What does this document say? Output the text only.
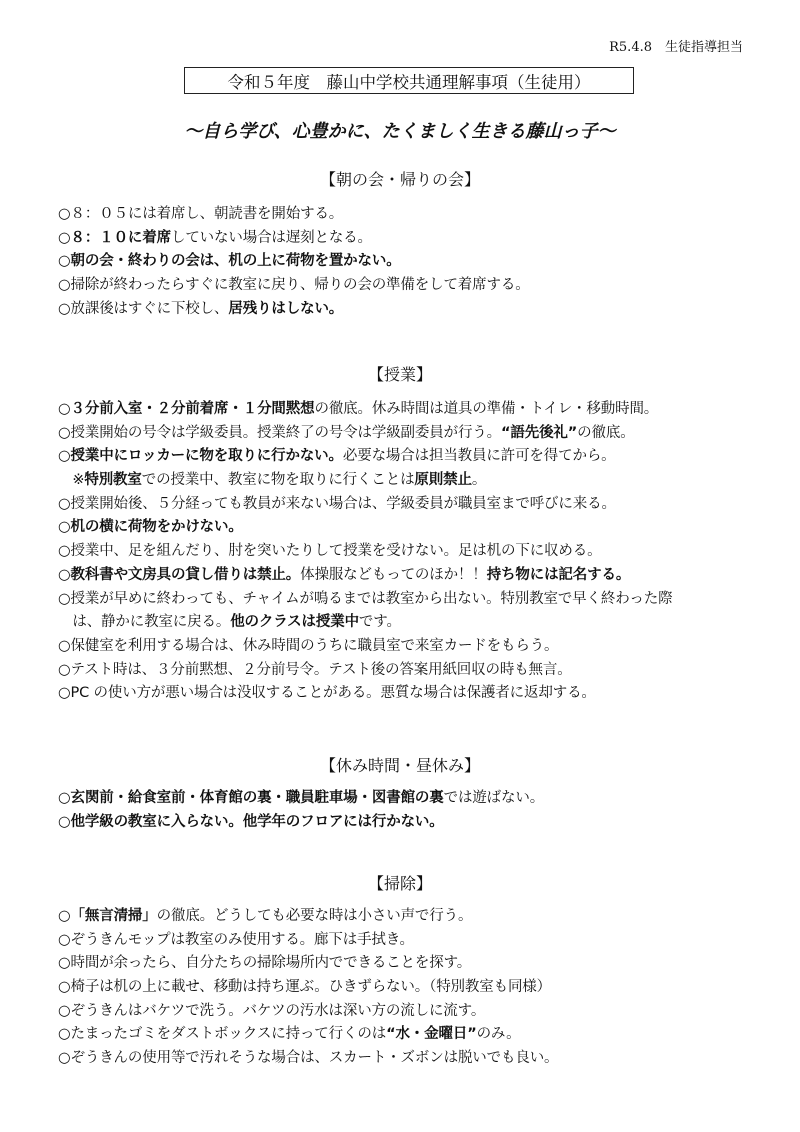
R5.4.8　生徒指導担当
令和５年度　藤山中学校共通理解事項（生徒用）
～自ら学び、心豊かに、たくましく生きる藤山っ子～
【朝の会・帰りの会】
○８：０５には着席し、朝読書を開始する。
○８：１０に着席していない場合は遅刻となる。
○朝の会・終わりの会は、机の上に荷物を置かない。
○掃除が終わったらすぐに教室に戻り、帰りの会の準備をして着席する。
○放課後はすぐに下校し、居残りはしない。
【授業】
○３分前入室・２分前着席・１分間黙想の徹底。休み時間は道具の準備・トイレ・移動時間。
○授業開始の号令は学級委員。授業終了の号令は学級副委員が行う。“語先後礼”の徹底。
○授業中にロッカーに物を取りに行かない。必要な場合は担当教員に許可を得てから。
　※特別教室での授業中、教室に物を取りに行くことは原則禁止。
○授業開始後、５分経っても教員が来ない場合は、学級委員が職員室まで呼びに来る。
○机の横に荷物をかけない。
○授業中、足を組んだり、肘を突いたりして授業を受けない。足は机の下に収める。
○教科書や文房具の貸し借りは禁止。体操服などもってのほか！！持ち物には記名する。
○授業が早めに終わっても、チャイムが鳴るまでは教室から出ない。特別教室で早く終わった際
　は、静かに教室に戻る。他のクラスは授業中です。
○保健室を利用する場合は、休み時間のうちに職員室で来室カードをもらう。
○テスト時は、３分前黙想、２分前号令。テスト後の答案用紙回収の時も無言。
○PC の使い方が悪い場合は没収することがある。悪質な場合は保護者に返却する。
【休み時間・昼休み】
○玄関前・給食室前・体育館の裏・職員駐車場・図書館の裏では遊ばない。
○他学級の教室に入らない。他学年のフロアには行かない。
【掃除】
○「無言清掃」の徹底。どうしても必要な時は小さい声で行う。
○ぞうきんモップは教室のみ使用する。廊下は手拭き。
○時間が余ったら、自分たちの掃除場所内でできることを探す。
○椅子は机の上に載せ、移動は持ち運ぶ。ひきずらない。（特別教室も同様）
○ぞうきんはバケツで洗う。バケツの汚水は深い方の流しに流す。
○たまったゴミをダストボックスに持って行くのは“水・金曜日”のみ。
○ぞうきんの使用等で汚れそうな場合は、スカート・ズボンは脱いでも良い。
